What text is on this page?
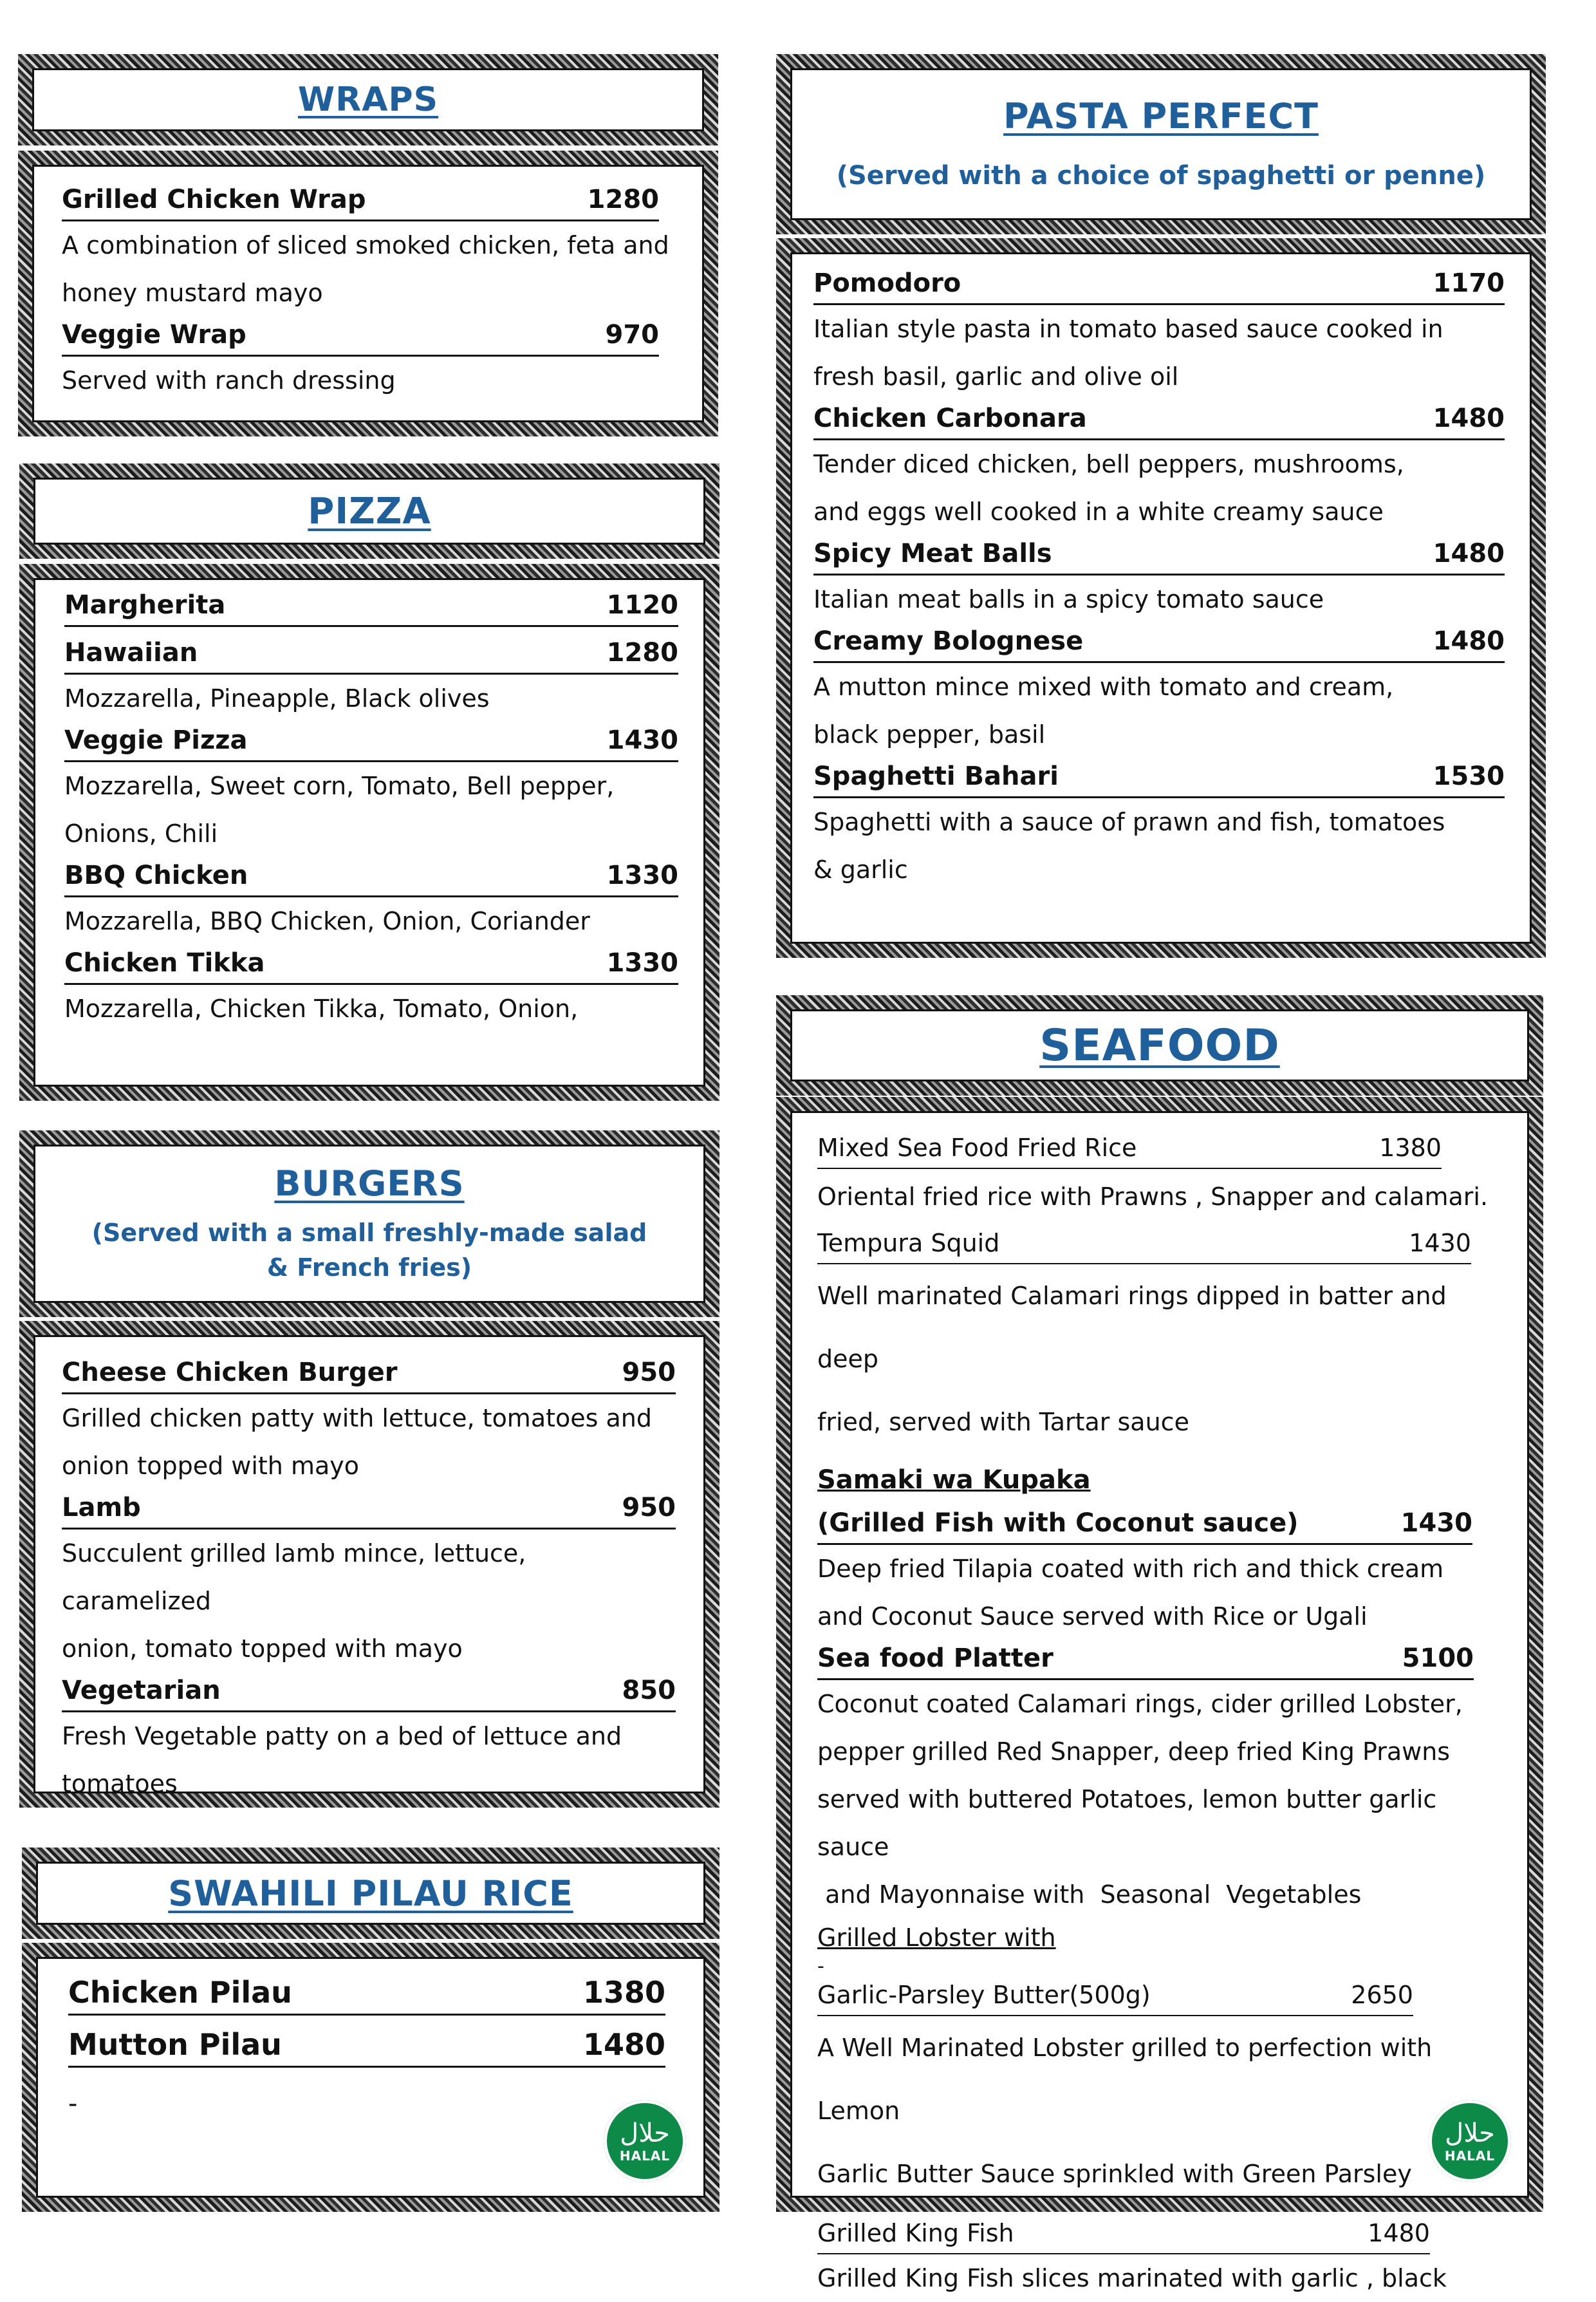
WRAPS
Grilled Chicken Wrap	1280
A combination of sliced smoked chicken, feta and
honey mustard mayo
Veggie Wrap	970
Served with ranch dressing
PIZZA
Margherita	1120
Hawaiian	1280
Mozzarella, Pineapple, Black olives
Veggie Pizza	1430
Mozzarella, Sweet corn, Tomato, Bell pepper,
Onions, Chili
BBQ Chicken	1330
Mozzarella, BBQ Chicken, Onion, Coriander
Chicken Tikka	1330
Mozzarella, Chicken Tikka, Tomato, Onion,
BURGERS
(Served with a small freshly-made salad
& French fries)
Cheese Chicken Burger	950
Grilled chicken patty with lettuce, tomatoes and
onion topped with mayo
Lamb	950
Succulent grilled lamb mince, lettuce, caramelized
onion, tomato topped with mayo
Vegetarian	850
Fresh Vegetable patty on a bed of lettuce and
tomatoes
SWAHILI PILAU RICE
Chicken Pilau	1380
Mutton Pilau	1480
-
حلال
HALAL
PASTA PERFECT
(Served with a choice of spaghetti or penne)
Pomodoro	1170
Italian style pasta in tomato based sauce cooked in
fresh basil, garlic and olive oil
Chicken Carbonara	1480
Tender diced chicken, bell peppers, mushrooms,
and eggs well cooked in a white creamy sauce
Spicy Meat Balls	1480
Italian meat balls in a spicy tomato sauce
Creamy Bolognese	1480
A mutton mince mixed with tomato and cream,
black pepper, basil
Spaghetti Bahari	1530
Spaghetti with a sauce of prawn and fish, tomatoes
& garlic
SEAFOOD
Mixed Sea Food Fried Rice	1380
Oriental fried rice with Prawns , Snapper and calamari.
Tempura Squid	1430
Well marinated Calamari rings dipped in batter and deep
fried, served with Tartar sauce
Samaki wa Kupaka
(Grilled Fish with Coconut sauce)	1430
Deep fried Tilapia coated with rich and thick cream
and Coconut Sauce served with Rice or Ugali
Sea food Platter	5100
Coconut coated Calamari rings, cider grilled Lobster,
pepper grilled Red Snapper, deep fried King Prawns
served with buttered Potatoes, lemon butter garlic sauce
and Mayonnaise with  Seasonal  Vegetables
Grilled Lobster with
-
Garlic-Parsley Butter(500g)	2650
A Well Marinated Lobster grilled to perfection with Lemon
Garlic Butter Sauce sprinkled with Green Parsley
Grilled King Fish	1480
Grilled King Fish slices marinated with garlic , black
حلال
HALAL
